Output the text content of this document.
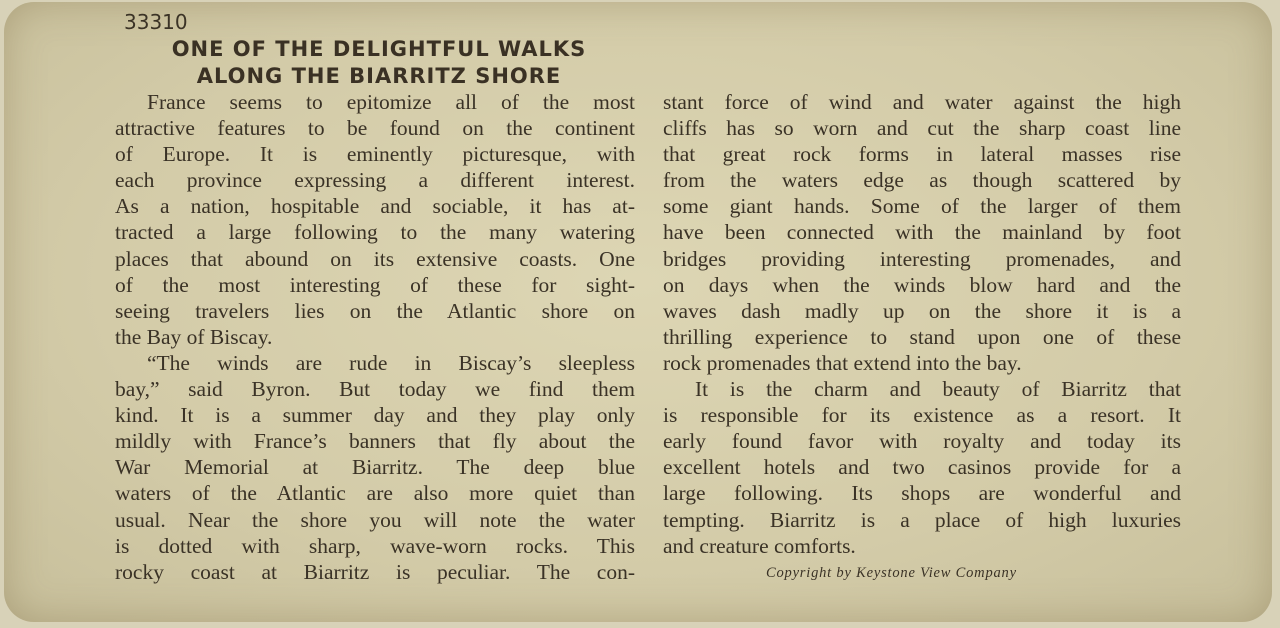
33310
ONE OF THE DELIGHTFUL WALKS
ALONG THE BIARRITZ SHORE
France seems to epitomize all of the most
attractive features to be found on the continent
of Europe. It is eminently picturesque, with
each province expressing a different interest.
As a nation, hospitable and sociable, it has at-
tracted a large following to the many watering
places that abound on its extensive coasts. One
of the most interesting of these for sight-
seeing travelers lies on the Atlantic shore on
the Bay of Biscay.
“The winds are rude in Biscay’s sleepless
bay,” said Byron. But today we find them
kind. It is a summer day and they play only
mildly with France’s banners that fly about the
War Memorial at Biarritz. The deep blue
waters of the Atlantic are also more quiet than
usual. Near the shore you will note the water
is dotted with sharp, wave-worn rocks. This
rocky coast at Biarritz is peculiar. The con-
stant force of wind and water against the high
cliffs has so worn and cut the sharp coast line
that great rock forms in lateral masses rise
from the waters edge as though scattered by
some giant hands. Some of the larger of them
have been connected with the mainland by foot
bridges providing interesting promenades, and
on days when the winds blow hard and the
waves dash madly up on the shore it is a
thrilling experience to stand upon one of these
rock promenades that extend into the bay.
It is the charm and beauty of Biarritz that
is responsible for its existence as a resort. It
early found favor with royalty and today its
excellent hotels and two casinos provide for a
large following. Its shops are wonderful and
tempting. Biarritz is a place of high luxuries
and creature comforts.
Copyright by Keystone View Company
